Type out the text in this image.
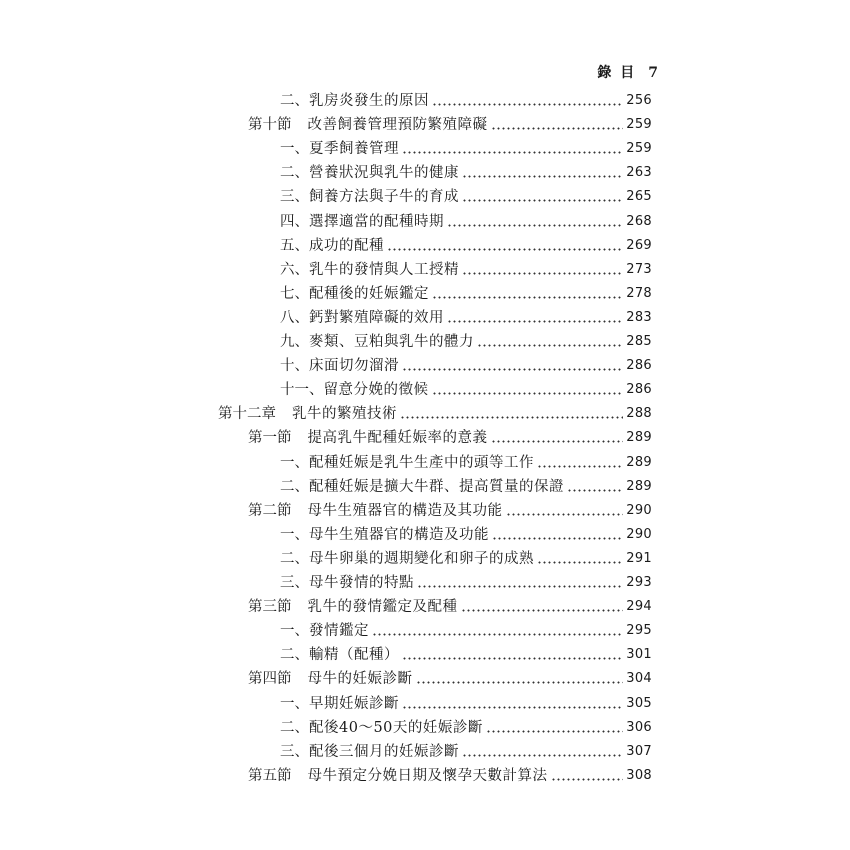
錄 目 7
二、 乳房炎發生的原因	256
第十節 改善飼養管理預防繁殖障礙	259
一、 夏季飼養管理	259
二、 營養狀況與乳牛的健康	263
三、 飼養方法與子牛的育成	265
四、 選擇適當的配種時期	268
五、 成功的配種	269
六、 乳牛的發情與人工授精	273
七、 配種後的妊娠鑑定	278
八、 鈣對繁殖障礙的效用	283
九、 麥類、豆粕與乳牛的體力	285
十、 床面切勿溜滑	286
十一、 留意分娩的徵候	286
第十二章 乳牛的繁殖技術	288
第一節 提高乳牛配種妊娠率的意義	289
一、 配種妊娠是乳牛生產中的頭等工作	289
二、 配種妊娠是擴大牛群、提高質量的保證	289
第二節 母牛生殖器官的構造及其功能	290
一、 母牛生殖器官的構造及功能	290
二、 母牛卵巢的週期變化和卵子的成熟	291
三、 母牛發情的特點	293
第三節 乳牛的發情鑑定及配種	294
一、 發情鑑定	295
二、 輸精（配種）	301
第四節 母牛的妊娠診斷	304
一、 早期妊娠診斷	305
二、 配後40～50天的妊娠診斷	306
三、 配後三個月的妊娠診斷	307
第五節 母牛預定分娩日期及懷孕天數計算法	308
